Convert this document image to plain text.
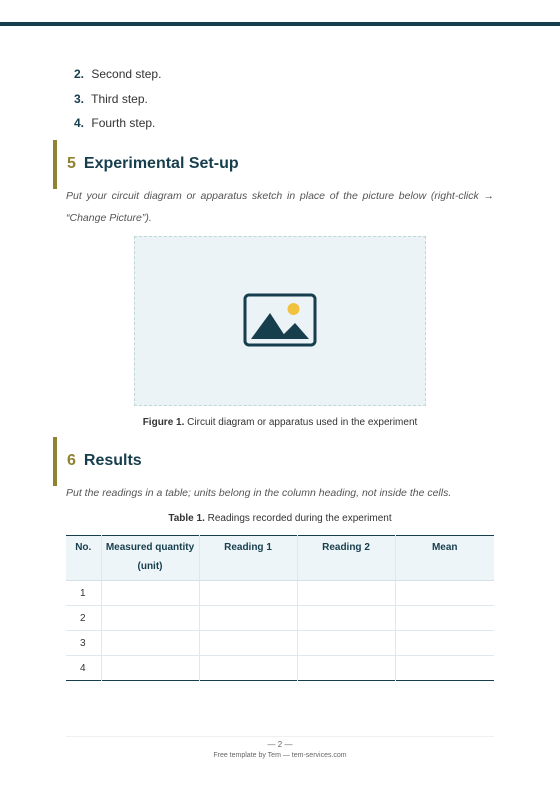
2. Second step.
3. Third step.
4. Fourth step.
5 Experimental Set-up
Put your circuit diagram or apparatus sketch in place of the picture below (right-click → “Change Picture”).
Figure 1. Circuit diagram or apparatus used in the experiment
6 Results
Put the readings in a table; units belong in the column heading, not inside the cells.
Table 1. Readings recorded during the experiment
No.	Measured quantity (unit)	Reading 1	Reading 2	Mean
1				
2				
3				
4				
— 2 —
Free template by Tem — tem-services.com
